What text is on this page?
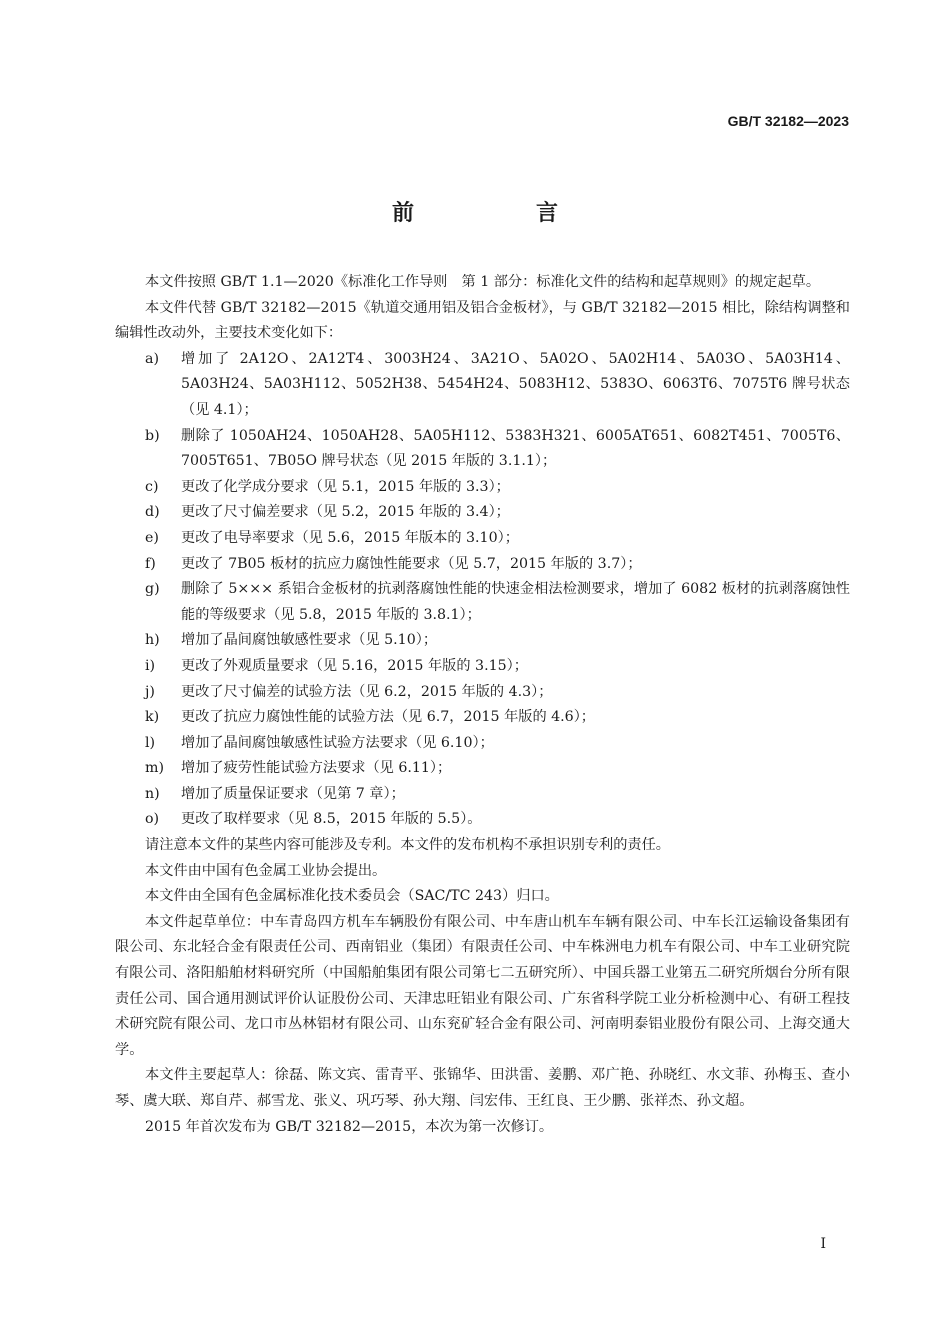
GB/T 32182—2023
前　言
本文件按照 GB/T 1.1—2020《标准化工作导则　第 1 部分：标准化文件的结构和起草规则》的规定起草。
本文件代替 GB/T 32182—2015《轨道交通用铝及铝合金板材》，与 GB/T 32182—2015 相比，除结构调整和编辑性改动外，主要技术变化如下：
a)	增加了 2A12O、2A12T4、3003H24、3A21O、5A02O、5A02H14、5A03O、5A03H14、5A03H24、5A03H112、5052H38、5454H24、5083H12、5383O、6063T6、7075T6 牌号状态（见 4.1）；
b)	删除了 1050AH24、1050AH28、5A05H112、5383H321、6005AT651、6082T451、7005T6、7005T651、7B05O 牌号状态（见 2015 年版的 3.1.1）；
c)	更改了化学成分要求（见 5.1，2015 年版的 3.3）；
d)	更改了尺寸偏差要求（见 5.2，2015 年版的 3.4）；
e)	更改了电导率要求（见 5.6，2015 年版本的 3.10）；
f)	更改了 7B05 板材的抗应力腐蚀性能要求（见 5.7，2015 年版的 3.7）；
g)	删除了 5××× 系铝合金板材的抗剥落腐蚀性能的快速金相法检测要求，增加了 6082 板材的抗剥落腐蚀性能的等级要求（见 5.8，2015 年版的 3.8.1）；
h)	增加了晶间腐蚀敏感性要求（见 5.10）；
i)	更改了外观质量要求（见 5.16，2015 年版的 3.15）；
j)	更改了尺寸偏差的试验方法（见 6.2，2015 年版的 4.3）；
k)	更改了抗应力腐蚀性能的试验方法（见 6.7，2015 年版的 4.6）；
l)	增加了晶间腐蚀敏感性试验方法要求（见 6.10）；
m)	增加了疲劳性能试验方法要求（见 6.11）；
n)	增加了质量保证要求（见第 7 章）；
o)	更改了取样要求（见 8.5，2015 年版的 5.5）。
请注意本文件的某些内容可能涉及专利。本文件的发布机构不承担识别专利的责任。
本文件由中国有色金属工业协会提出。
本文件由全国有色金属标准化技术委员会（SAC/TC 243）归口。
本文件起草单位：中车青岛四方机车车辆股份有限公司、中车唐山机车车辆有限公司、中车长江运输设备集团有限公司、东北轻合金有限责任公司、西南铝业（集团）有限责任公司、中车株洲电力机车有限公司、中车工业研究院有限公司、洛阳船舶材料研究所（中国船舶集团有限公司第七二五研究所）、中国兵器工业第五二研究所烟台分所有限责任公司、国合通用测试评价认证股份公司、天津忠旺铝业有限公司、广东省科学院工业分析检测中心、有研工程技术研究院有限公司、龙口市丛林铝材有限公司、山东兖矿轻合金有限公司、河南明泰铝业股份有限公司、上海交通大学。
本文件主要起草人：徐磊、陈文宾、雷青平、张锦华、田洪雷、姜鹏、邓广艳、孙晓红、水文菲、孙梅玉、查小琴、虞大联、郑自芹、郝雪龙、张义、巩巧琴、孙大翔、闫宏伟、王红良、王少鹏、张祥杰、孙文超。
2015 年首次发布为 GB/T 32182—2015，本次为第一次修订。
I
